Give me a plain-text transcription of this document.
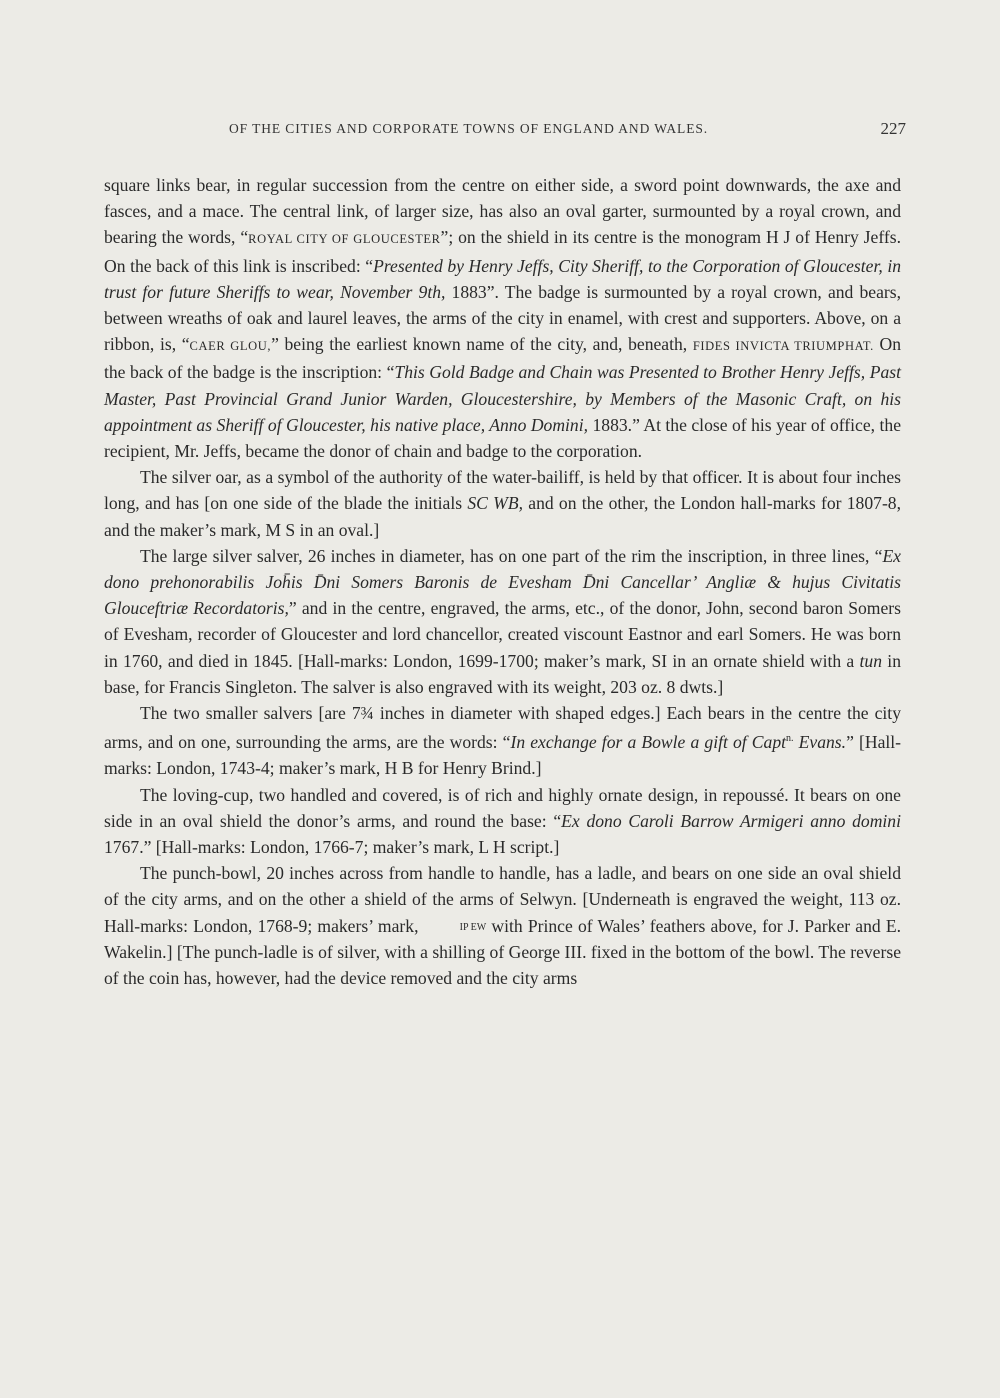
OF THE CITIES AND CORPORATE TOWNS OF ENGLAND AND WALES.	227

square links bear, in regular succession from the centre on either side, a sword point downwards, the axe and fasces, and a mace. The central link, of larger size, has also an oval garter, surmounted by a royal crown, and bearing the words, “ROYAL CITY OF GLOUCESTER”; on the shield in its centre is the monogram H J of Henry Jeffs. On the back of this link is inscribed: “Presented by Henry Jeffs, City Sheriff, to the Corporation of Gloucester, in trust for future Sheriffs to wear, November 9th, 1883”. The badge is surmounted by a royal crown, and bears, between wreaths of oak and laurel leaves, the arms of the city in enamel, with crest and supporters. Above, on a ribbon, is, “CAER GLOU,” being the earliest known name of the city, and, beneath, FIDES INVICTA TRIUMPHAT. On the back of the badge is the inscription: “This Gold Badge and Chain was Presented to Brother Henry Jeffs, Past Master, Past Provincial Grand Junior Warden, Gloucestershire, by Members of the Masonic Craft, on his appointment as Sheriff of Gloucester, his native place, Anno Domini, 1883.” At the close of his year of office, the recipient, Mr. Jeffs, became the donor of chain and badge to the corporation.

The silver oar, as a symbol of the authority of the water-bailiff, is held by that officer. It is about four inches long, and has [on one side of the blade the initials SC WB, and on the other, the London hall-marks for 1807-8, and the maker’s mark, M S in an oval.]

The large silver salver, 26 inches in diameter, has on one part of the rim the inscription, in three lines, “Ex dono prehonorabilis Joh̄is D̄ni Somers Baronis de Evesham D̄ni Cancellar’ Angliæ & hujus Civitatis Glouceftriæ Recordatoris,” and in the centre, engraved, the arms, etc., of the donor, John, second baron Somers of Evesham, recorder of Gloucester and lord chancellor, created viscount Eastnor and earl Somers. He was born in 1760, and died in 1845. [Hall-marks: London, 1699-1700; maker’s mark, SI in an ornate shield with a tun in base, for Francis Singleton. The salver is also engraved with its weight, 203 oz. 8 dwts.]

The two smaller salvers [are 7¾ inches in diameter with shaped edges.] Each bears in the centre the city arms, and on one, surrounding the arms, are the words: “In exchange for a Bowle a gift of Capt$^{n.}$ Evans.” [Hall-marks: London, 1743-4; maker’s mark, H B for Henry Brind.]

The loving-cup, two handled and covered, is of rich and highly ornate design, in repoussé. It bears on one side in an oval shield the donor’s arms, and round the base: “Ex dono Caroli Barrow Armigeri anno domini 1767.” [Hall-marks: London, 1766-7; maker’s mark, L H script.]

The punch-bowl, 20 inches across from handle to handle, has a ladle, and bears on one side an oval shield of the city arms, and on the other a shield of the arms of Selwyn. [Underneath is engraved the weight, 113 oz. Hall-marks: London, 1768-9; makers’ mark,	IP EW with Prince of Wales’ feathers above, for J. Parker and E. Wakelin.] [The punch-ladle is of silver, with a shilling of George III. fixed in the bottom of the bowl. The reverse of the coin has, however, had the device removed and the city arms
